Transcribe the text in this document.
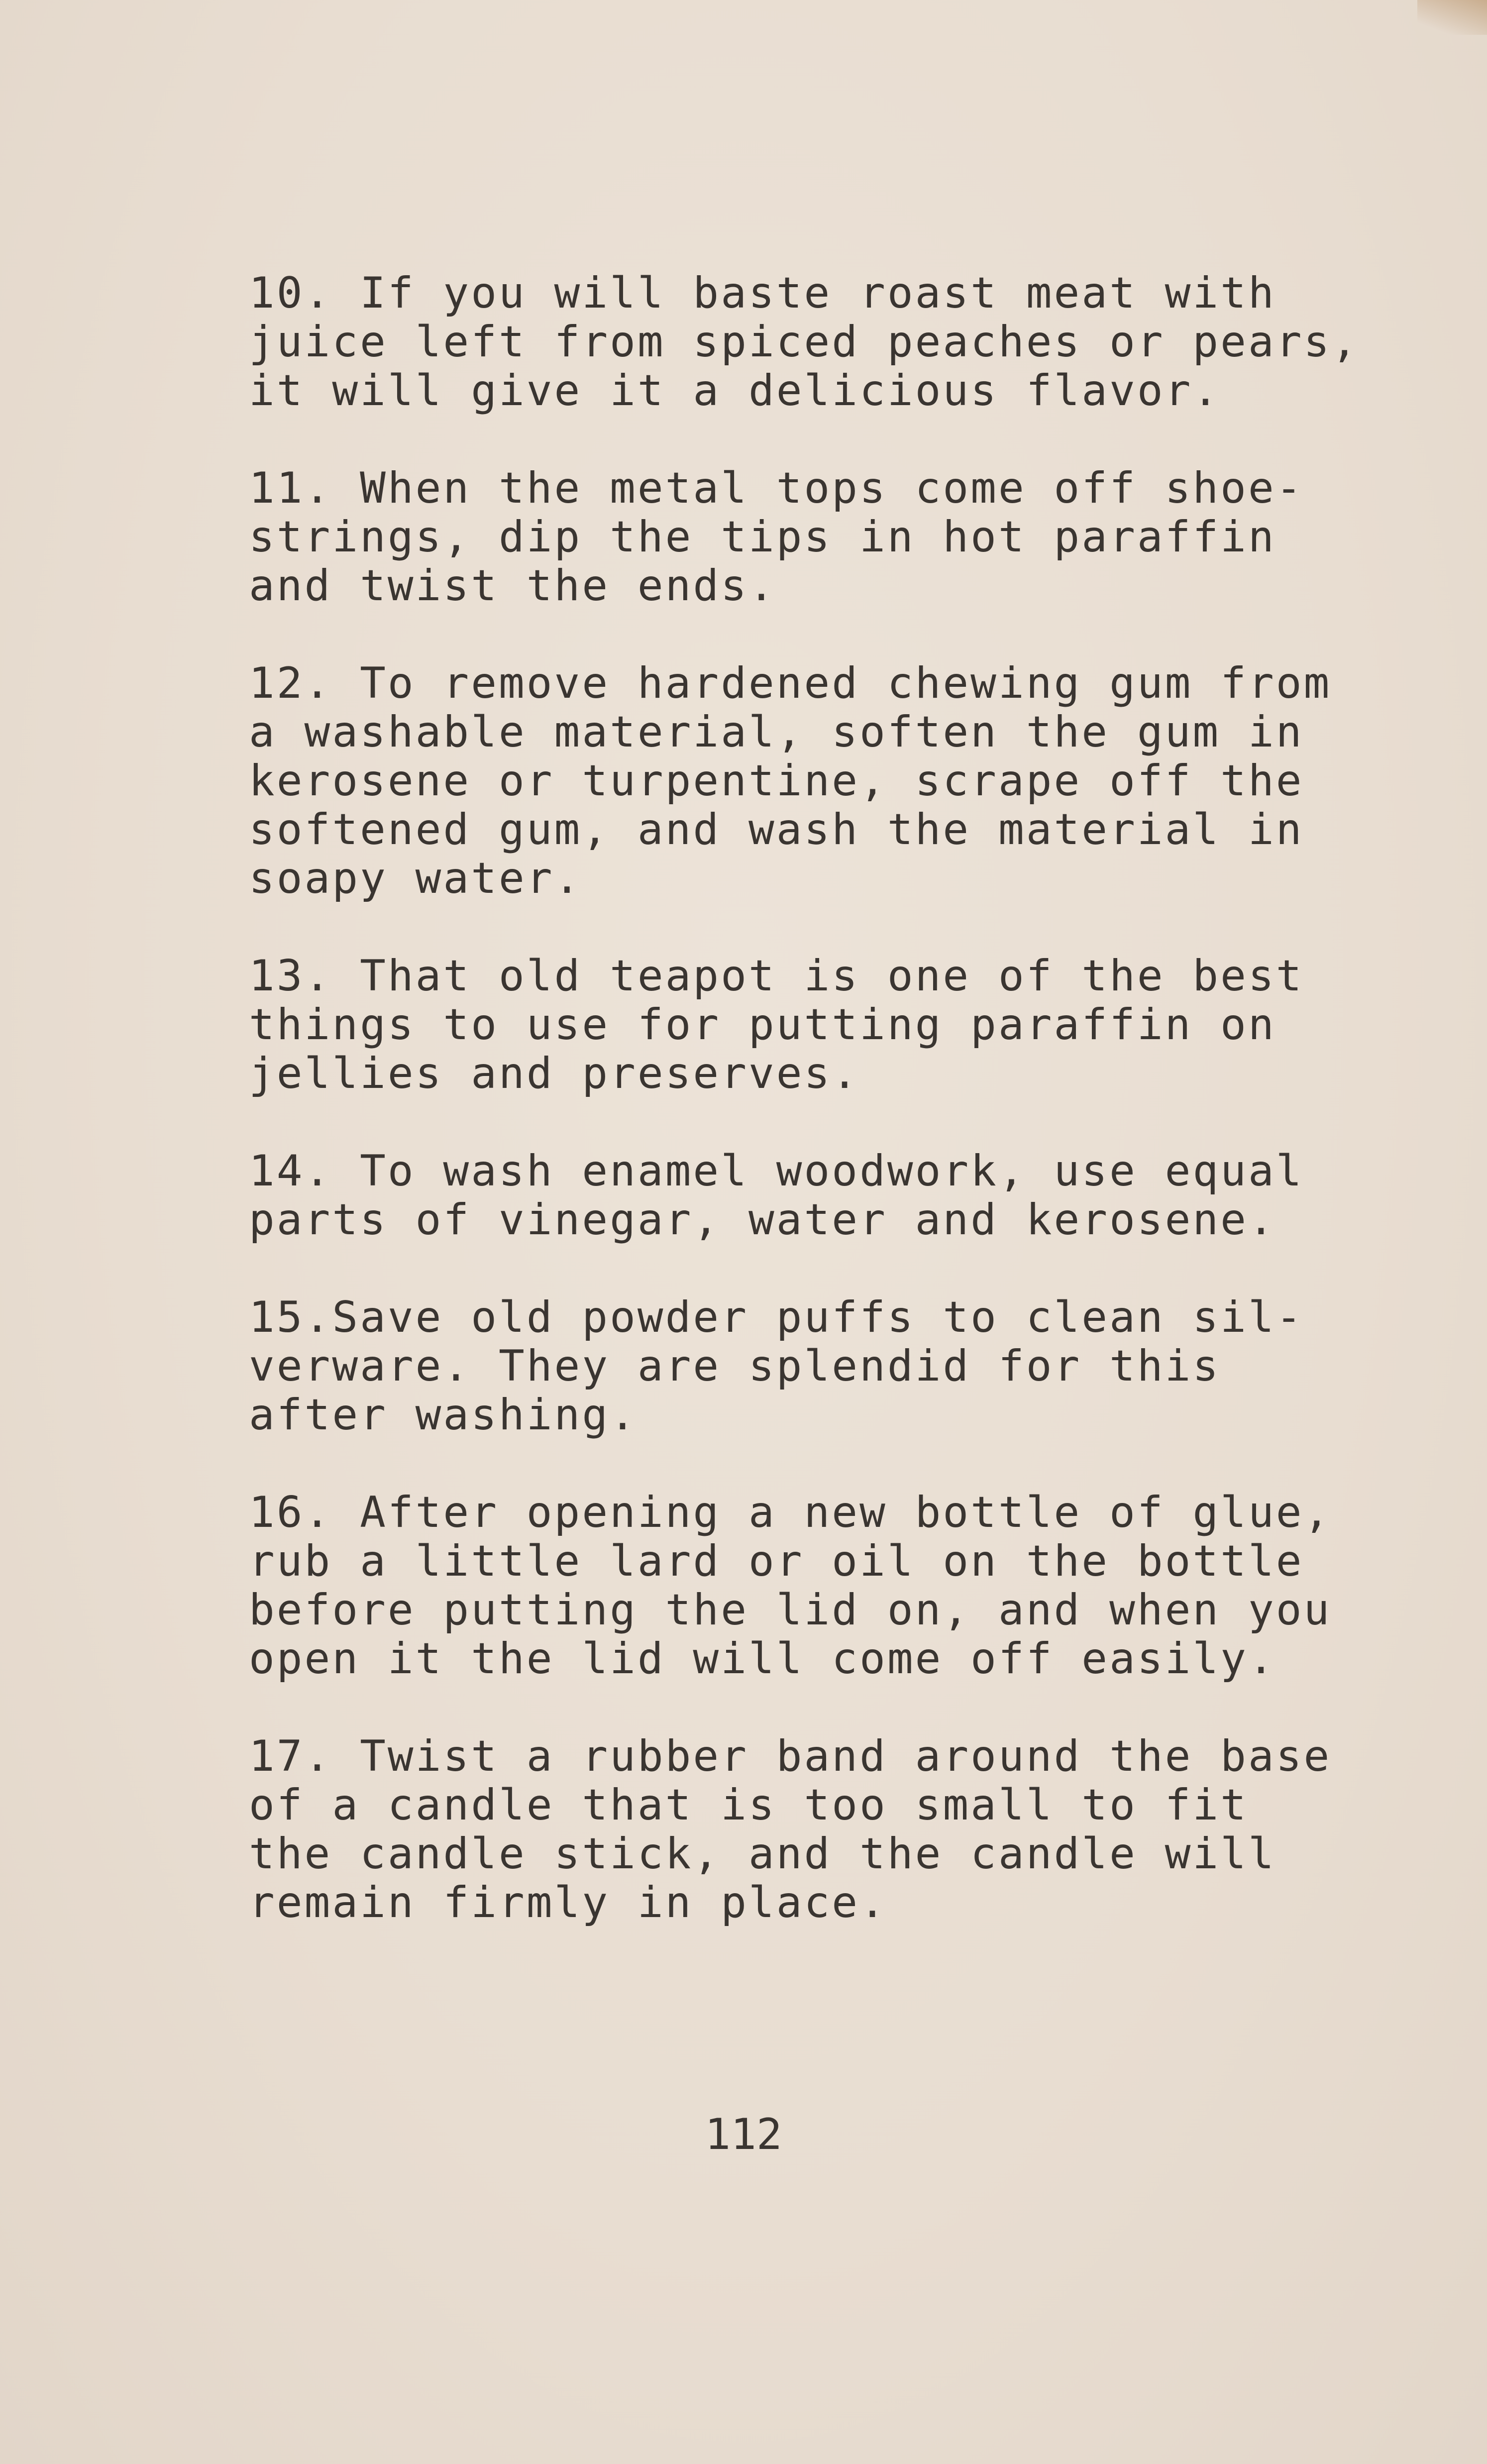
10. If you will baste roast meat with
juice left from spiced peaches or pears,
it will give it a delicious flavor.
11. When the metal tops come off shoe-
strings, dip the tips in hot paraffin
and twist the ends.
12. To remove hardened chewing gum from
a washable material, soften the gum in
kerosene or turpentine, scrape off the
softened gum, and wash the material in
soapy water.
13. That old teapot is one of the best
things to use for putting paraffin on
jellies and preserves.
14. To wash enamel woodwork, use equal
parts of vinegar, water and kerosene.
15.Save old powder puffs to clean sil-
verware. They are splendid for this
after washing.
16. After opening a new bottle of glue,
rub a little lard or oil on the bottle
before putting the lid on, and when you
open it the lid will come off easily.
17. Twist a rubber band around the base
of a candle that is too small to fit
the candle stick, and the candle will
remain firmly in place.
112
